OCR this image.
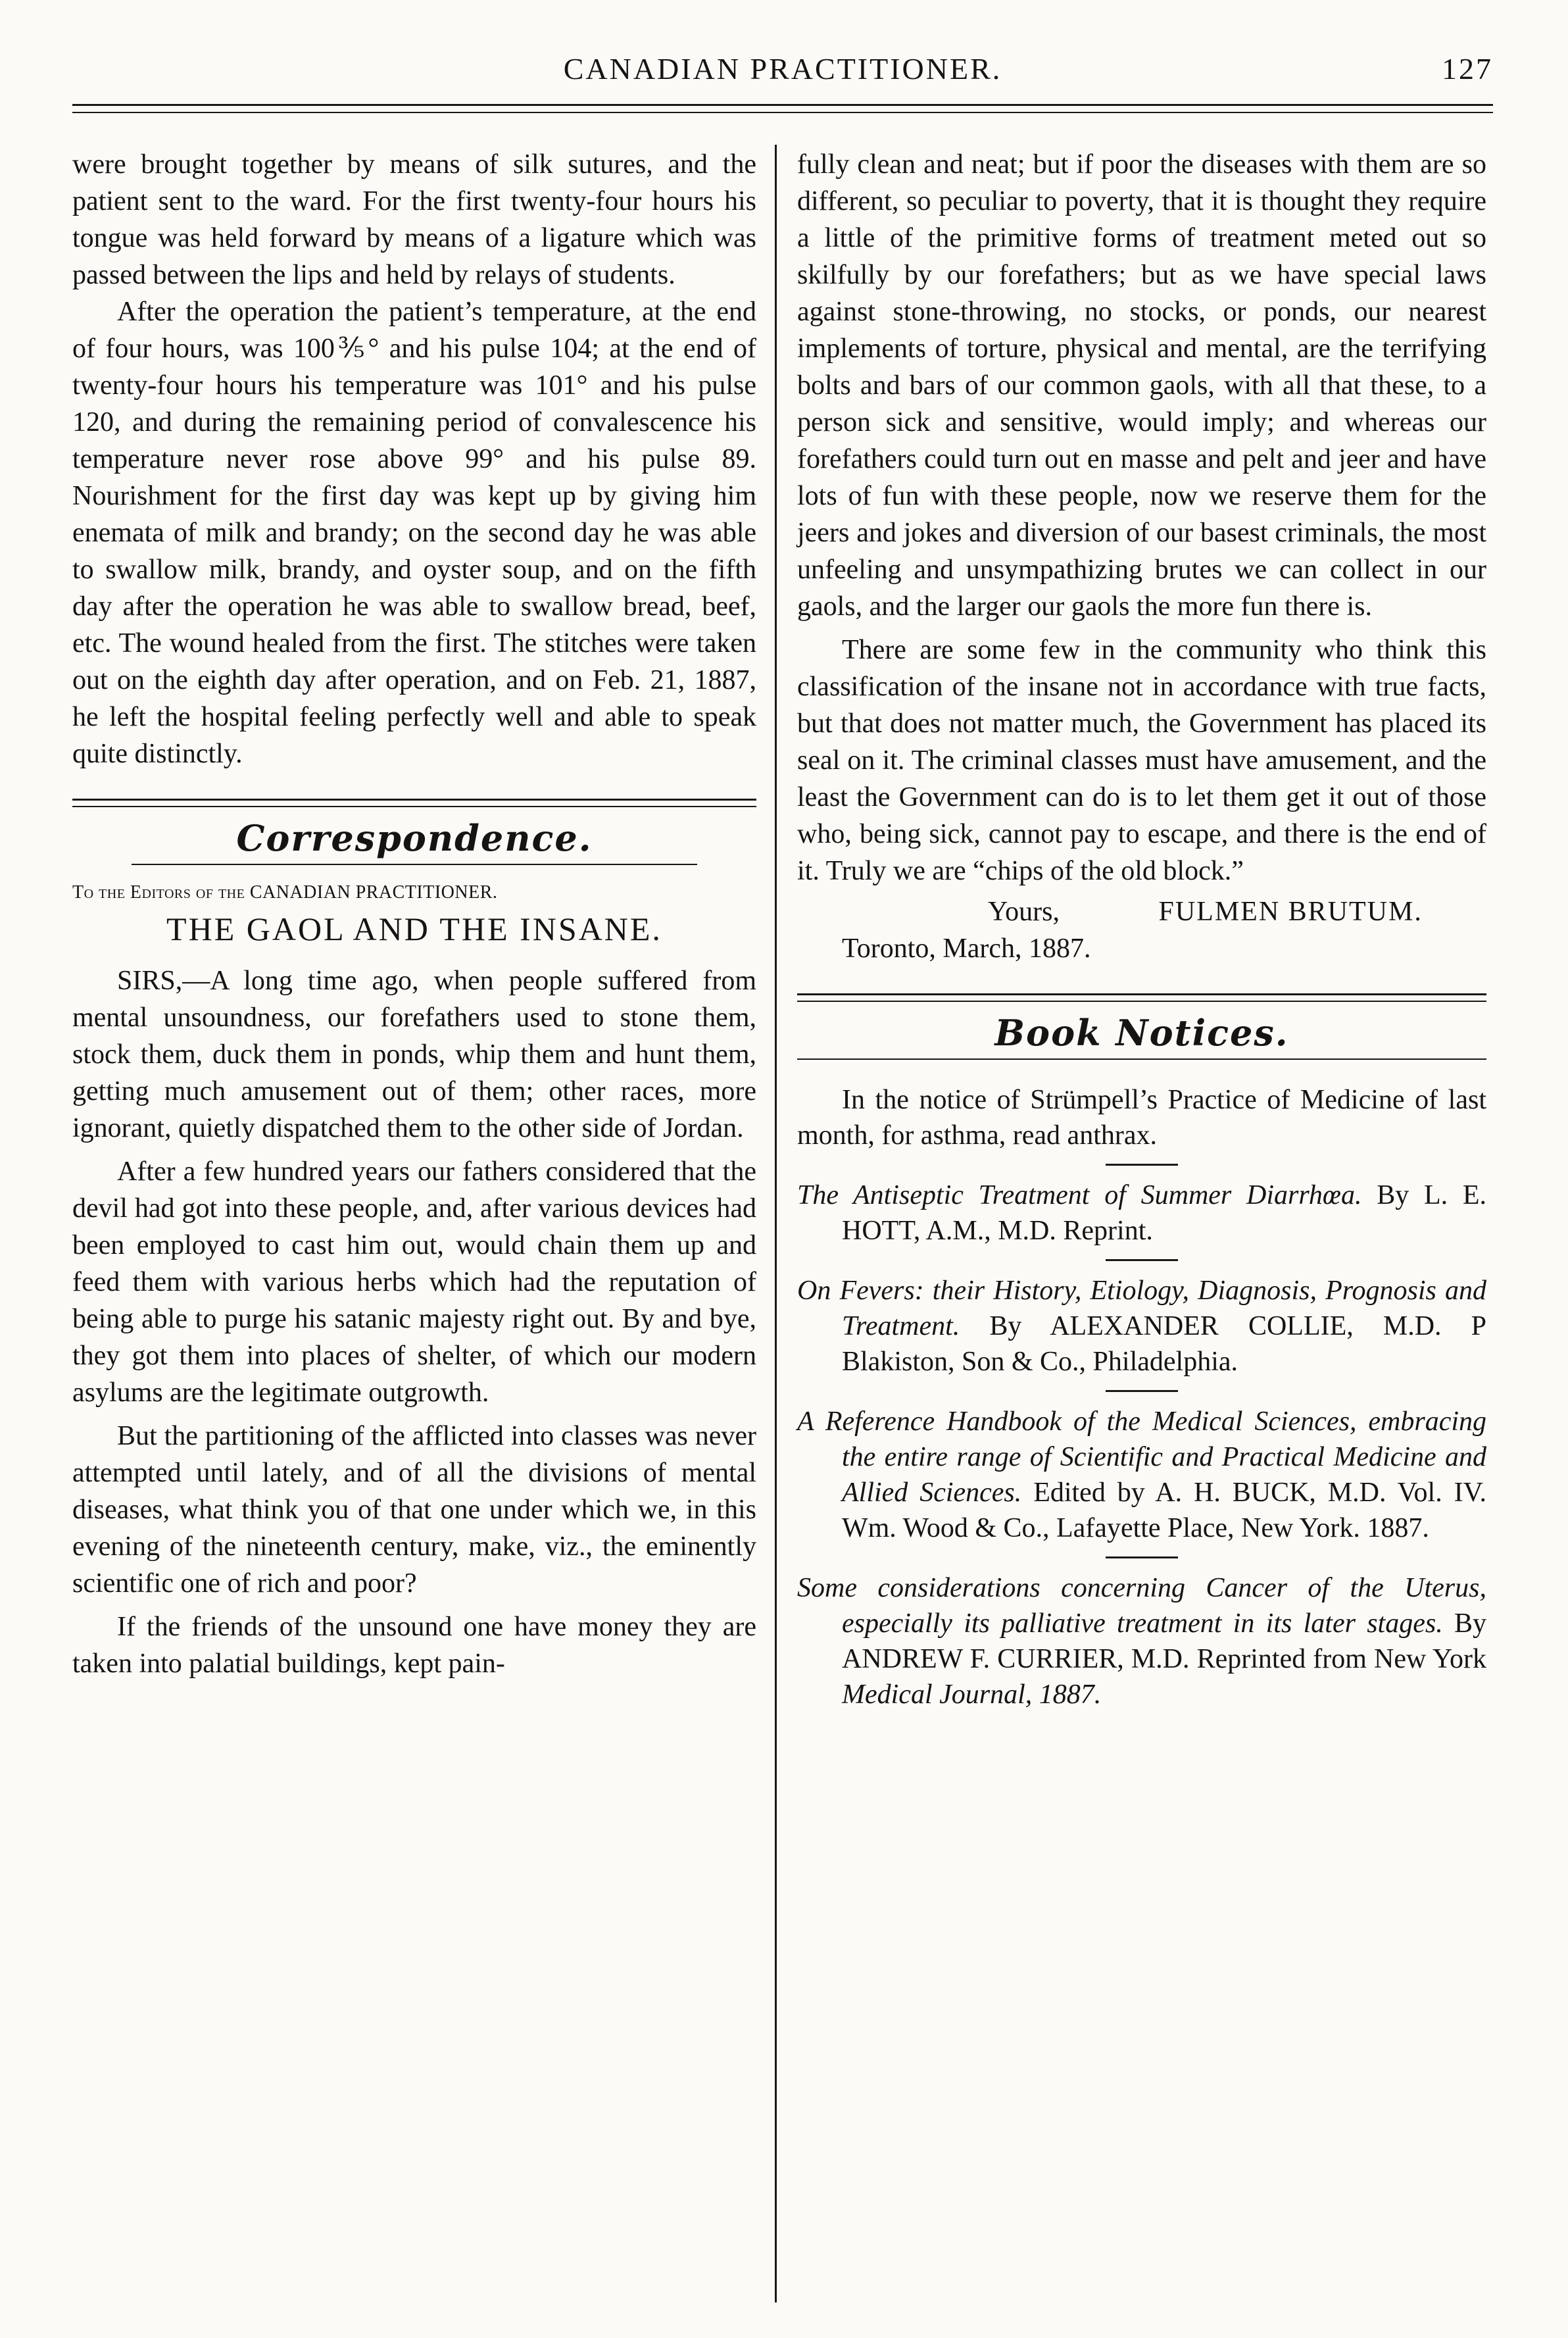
CANADIAN PRACTITIONER.	127

were brought together by means of silk sutures, and the patient sent to the ward. For the first twenty-four hours his tongue was held forward by means of a ligature which was passed between the lips and held by relays of students.

After the operation the patient’s temperature, at the end of four hours, was 100⅗° and his pulse 104; at the end of twenty-four hours his temperature was 101° and his pulse 120, and during the remaining period of convalescence his temperature never rose above 99° and his pulse 89. Nourishment for the first day was kept up by giving him enemata of milk and brandy; on the second day he was able to swallow milk, brandy, and oyster soup, and on the fifth day after the operation he was able to swallow bread, beef, etc. The wound healed from the first. The stitches were taken out on the eighth day after operation, and on Feb. 21, 1887, he left the hospital feeling perfectly well and able to speak quite distinctly.

Correspondence.
To the Editors of the CANADIAN PRACTITIONER.
THE GAOL AND THE INSANE.

SIRS,—A long time ago, when people suffered from mental unsoundness, our forefathers used to stone them, stock them, duck them in ponds, whip them and hunt them, getting much amusement out of them; other races, more ignorant, quietly dispatched them to the other side of Jordan.

After a few hundred years our fathers considered that the devil had got into these people, and, after various devices had been employed to cast him out, would chain them up and feed them with various herbs which had the reputation of being able to purge his satanic majesty right out. By and bye, they got them into places of shelter, of which our modern asylums are the legitimate outgrowth.

But the partitioning of the afflicted into classes was never attempted until lately, and of all the divisions of mental diseases, what think you of that one under which we, in this evening of the nineteenth century, make, viz., the eminently scientific one of rich and poor?

If the friends of the unsound one have money they are taken into palatial buildings, kept pain-

fully clean and neat; but if poor the diseases with them are so different, so peculiar to poverty, that it is thought they require a little of the primitive forms of treatment meted out so skilfully by our forefathers; but as we have special laws against stone-throwing, no stocks, or ponds, our nearest implements of torture, physical and mental, are the terrifying bolts and bars of our common gaols, with all that these, to a person sick and sensitive, would imply; and whereas our forefathers could turn out en masse and pelt and jeer and have lots of fun with these people, now we reserve them for the jeers and jokes and diversion of our basest criminals, the most unfeeling and unsympathizing brutes we can collect in our gaols, and the larger our gaols the more fun there is.

There are some few in the community who think this classification of the insane not in accordance with true facts, but that does not matter much, the Government has placed its seal on it. The criminal classes must have amusement, and the least the Government can do is to let them get it out of those who, being sick, cannot pay to escape, and there is the end of it. Truly we are “chips of the old block.”

Yours,	FULMEN BRUTUM.
Toronto, March, 1887.
Book Notices.

In the notice of Strümpell’s Practice of Medicine of last month, for asthma, read anthrax.

The Antiseptic Treatment of Summer Diarrhœa. By L. E. HOTT, A.M., M.D. Reprint.
On Fevers: their History, Etiology, Diagnosis, Prognosis and Treatment. By ALEXANDER COLLIE, M.D. P Blakiston, Son & Co., Philadelphia.
A Reference Handbook of the Medical Sciences, embracing the entire range of Scientific and Practical Medicine and Allied Sciences. Edited by A. H. BUCK, M.D. Vol. IV. Wm. Wood & Co., Lafayette Place, New York. 1887.
Some considerations concerning Cancer of the Uterus, especially its palliative treatment in its later stages. By ANDREW F. CURRIER, M.D. Reprinted from New York Medical Journal, 1887.
